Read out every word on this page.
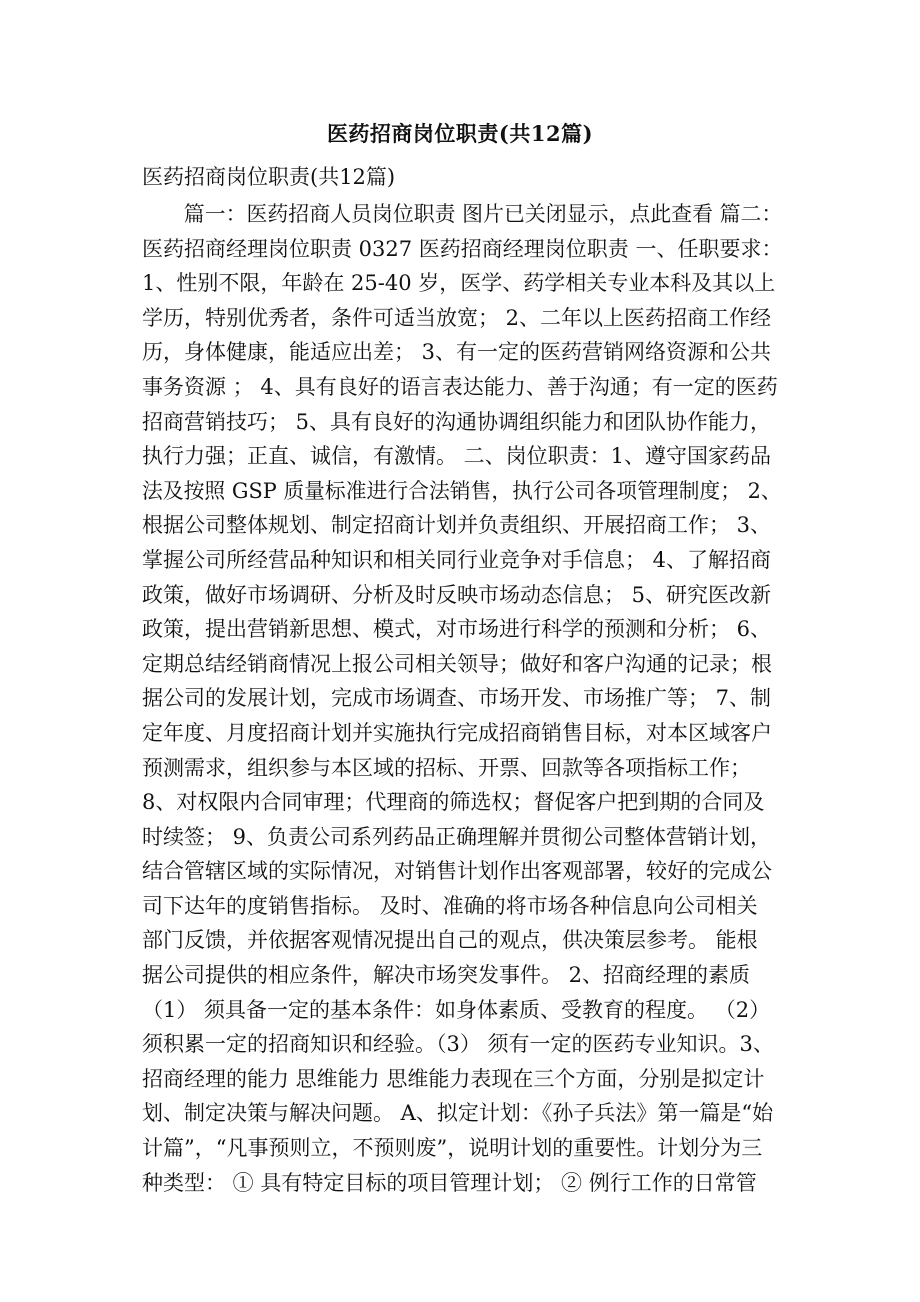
医药招商岗位职责(共12篇)
医药招商岗位职责(共12篇)
　　篇一：医药招商人员岗位职责 图片已关闭显示，点此查看 篇二：
医药招商经理岗位职责 0327 医药招商经理岗位职责 一、任职要求：
1、性别不限，年龄在 25-40 岁，医学、药学相关专业本科及其以上
学历，特别优秀者，条件可适当放宽； 2、二年以上医药招商工作经
历，身体健康，能适应出差； 3、有一定的医药营销网络资源和公共
事务资源 ； 4、具有良好的语言表达能力、善于沟通；有一定的医药
招商营销技巧； 5、具有良好的沟通协调组织能力和团队协作能力，
执行力强；正直、诚信，有激情。 二、岗位职责：1、遵守国家药品
法及按照 GSP 质量标准进行合法销售，执行公司各项管理制度； 2、
根据公司整体规划、制定招商计划并负责组织、开展招商工作； 3、
掌握公司所经营品种知识和相关同行业竞争对手信息； 4、了解招商
政策，做好市场调研、分析及时反映市场动态信息； 5、研究医改新
政策，提出营销新思想、模式，对市场进行科学的预测和分析； 6、
定期总结经销商情况上报公司相关领导；做好和客户沟通的记录；根
据公司的发展计划，完成市场调查、市场开发、市场推广等； 7、制
定年度、月度招商计划并实施执行完成招商销售目标，对本区域客户
预测需求，组织参与本区域的招标、开票、回款等各项指标工作；
8、对权限内合同审理；代理商的筛选权；督促客户把到期的合同及
时续签； 9、负责公司系列药品正确理解并贯彻公司整体营销计划，
结合管辖区域的实际情况，对销售计划作出客观部署，较好的完成公
司下达年的度销售指标。 及时、准确的将市场各种信息向公司相关
部门反馈，并依据客观情况提出自己的观点，供决策层参考。 能根
据公司提供的相应条件，解决市场突发事件。 2、招商经理的素质
（1） 须具备一定的基本条件：如身体素质、受教育的程度。 （2）
须积累一定的招商知识和经验。（3） 须有一定的医药专业知识。3、
招商经理的能力 思维能力 思维能力表现在三个方面，分别是拟定计
划、制定决策与解决问题。 A、拟定计划：《孙子兵法》第一篇是“始
计篇”，“凡事预则立，不预则废”，说明计划的重要性。计划分为三
种类型： ① 具有特定目标的项目管理计划； ② 例行工作的日常管
